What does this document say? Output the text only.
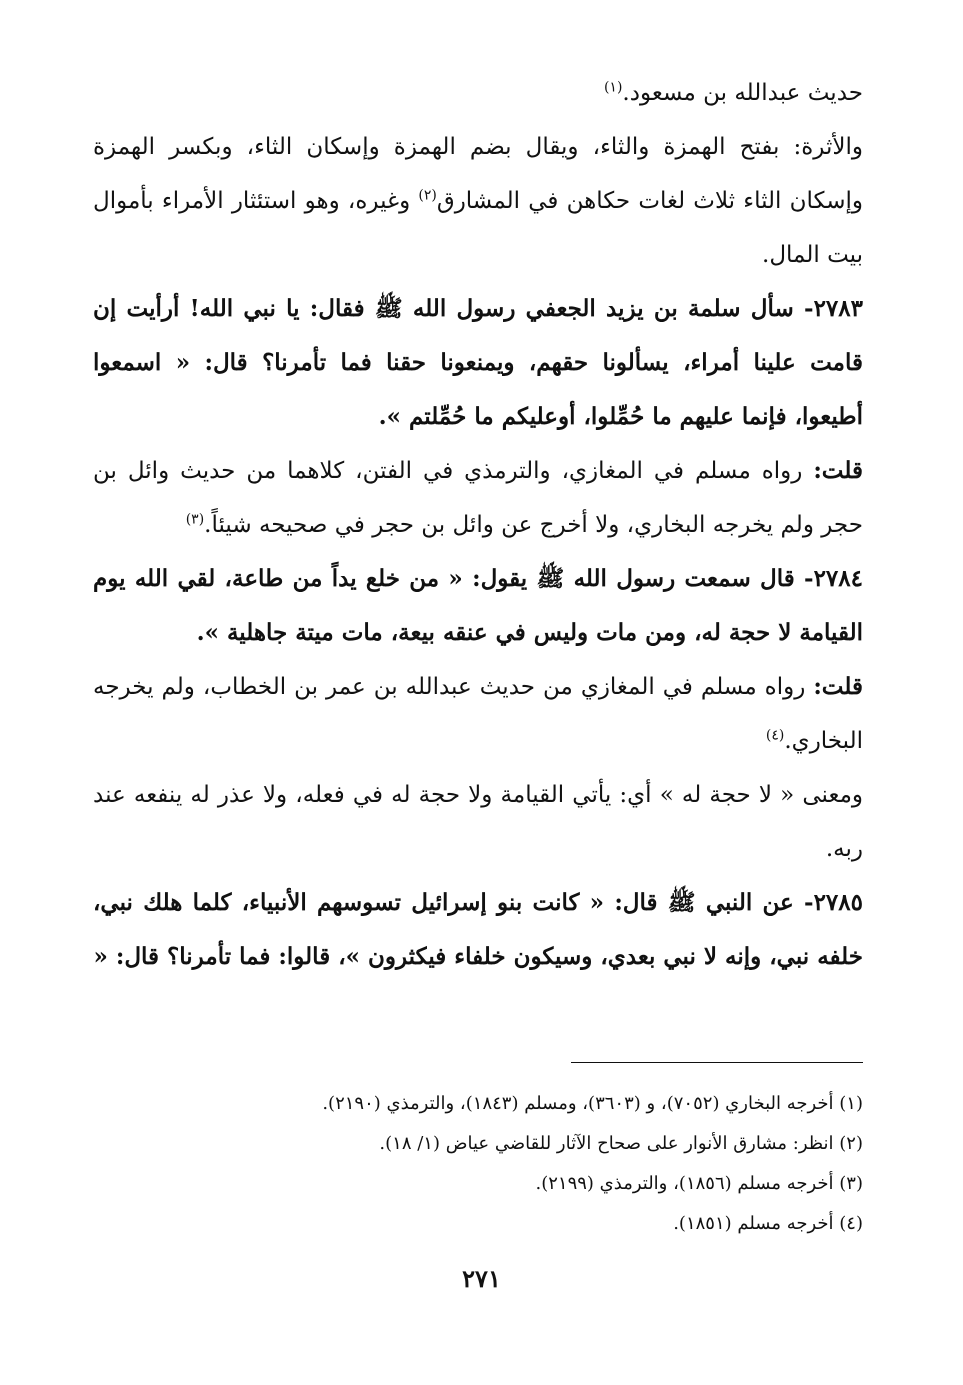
حديث عبدالله بن مسعود.$^{(١)}$

والأثرة: بفتح الهمزة والثاء، ويقال بضم الهمزة وإسكان الثاء، وبكسر الهمزة وإسكان الثاء ثلاث لغات حكاهن في المشارق$^{(٢)}$ وغيره، وهو استئثار الأمراء بأموال بيت المال.

٢٧٨٣- سأل سلمة بن يزيد الجعفي رسول الله ﷺ فقال: يا نبي الله! أرأيت إن قامت علينا أمراء، يسألونا حقهم، ويمنعونا حقنا فما تأمرنا؟ قال: « اسمعوا أطيعوا، فإنما عليهم ما حُمِّلوا، أوعليكم ما حُمِّلتم ».

قلت: رواه مسلم في المغازي، والترمذي في الفتن، كلاهما من حديث وائل بن حجر ولم يخرجه البخاري، ولا أخرج عن وائل بن حجر في صحيحه شيئاً.$^{(٣)}$

٢٧٨٤- قال سمعت رسول الله ﷺ يقول: « من خلع يداً من طاعة، لقي الله يوم القيامة لا حجة له، ومن مات وليس في عنقه بيعة، مات ميتة جاهلية ».

قلت: رواه مسلم في المغازي من حديث عبدالله بن عمر بن الخطاب، ولم يخرجه البخاري.$^{(٤)}$

ومعنى « لا حجة له » أي: يأتي القيامة ولا حجة له في فعله، ولا عذر له ينفعه عند ربه.

٢٧٨٥- عن النبي ﷺ قال: « كانت بنو إسرائيل تسوسهم الأنبياء، كلما هلك نبي، خلفه نبي، وإنه لا نبي بعدي، وسيكون خلفاء فيكثرون »، قالوا: فما تأمرنا؟ قال: «

(١) أخرجه البخاري (٧٠٥٢)، و (٣٦٠٣)، ومسلم (١٨٤٣)، والترمذي (٢١٩٠).
(٢) انظر: مشارق الأنوار على صحاح الآثار للقاضي عياض (١/ ١٨).
(٣) أخرجه مسلم (١٨٥٦)، والترمذي (٢١٩٩).
(٤) أخرجه مسلم (١٨٥١).
٢٧١
